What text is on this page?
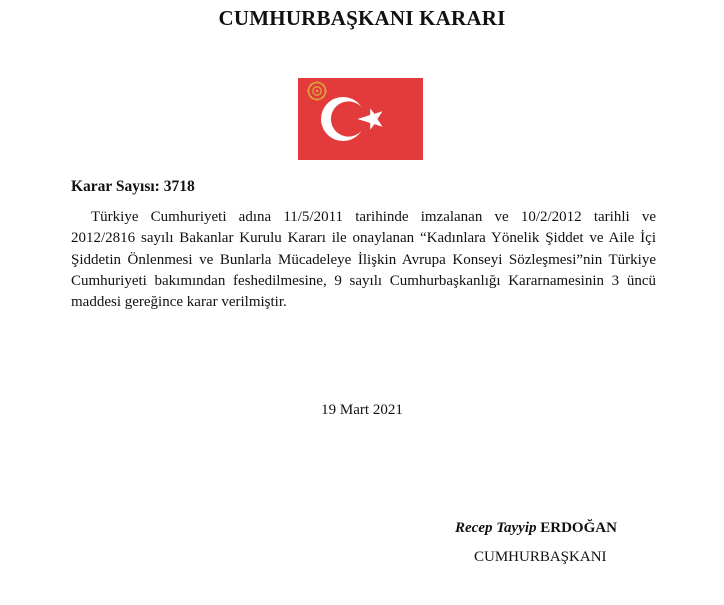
CUMHURBAŞKANI KARARI
Karar Sayısı: 3718
Türkiye Cumhuriyeti adına 11/5/2011 tarihinde imzalanan ve 10/2/2012 tarihli ve
2012/2816 sayılı Bakanlar Kurulu Kararı ile onaylanan “Kadınlara Yönelik Şiddet ve Aile İçi
Şiddetin Önlenmesi ve Bunlarla Mücadeleye İlişkin Avrupa Konseyi Sözleşmesi”nin Türkiye
Cumhuriyeti bakımından feshedilmesine, 9 sayılı Cumhurbaşkanlığı Kararnamesinin 3 üncü
maddesi gereğince karar verilmiştir.
19 Mart 2021
Recep Tayyip ERDOĞAN
CUMHURBAŞKANI
